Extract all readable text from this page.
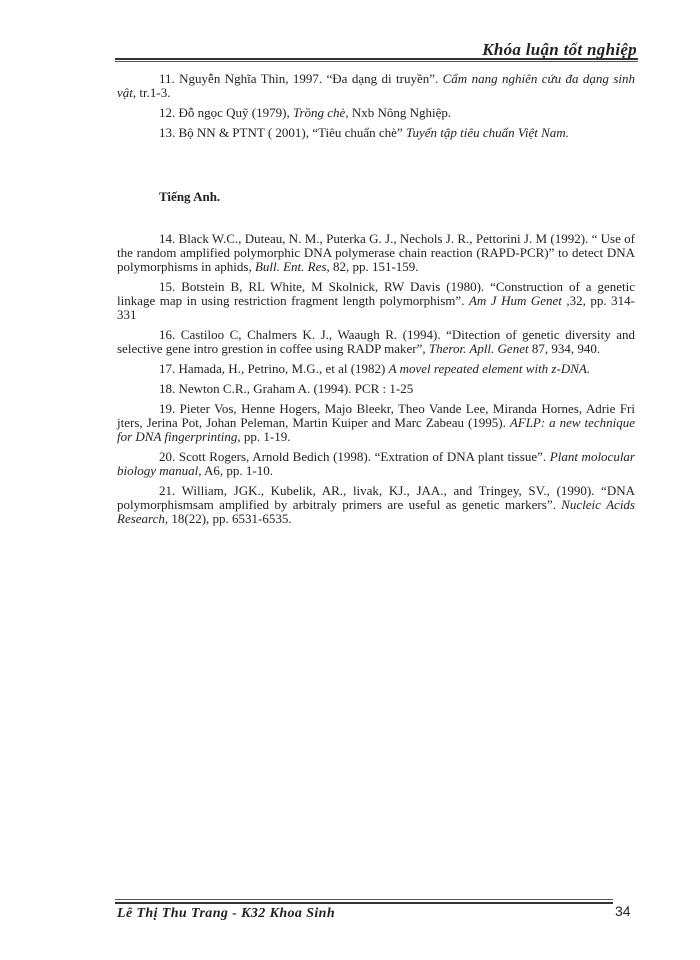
Khóa luận tốt nghiệp

11. Nguyễn Nghĩa Thìn, 1997. “Đa dạng di truyền”. Cẩm nang nghiên cứu đa dạng sinh vật, tr.1-3.

12. Đỗ ngọc Quỹ (1979), Trồng chè, Nxb Nông Nghiệp.

13. Bộ NN & PTNT ( 2001), “Tiêu chuẩn chè” Tuyển tập tiêu chuẩn Việt Nam.

Tiếng Anh.

14. Black W.C., Duteau, N. M., Puterka G. J., Nechols J. R., Pettorini J. M (1992). “ Use of the random amplified polymorphic DNA polymerase chain reaction (RAPD-PCR)” to detect DNA polymorphisms in aphids, Bull. Ent. Res, 82, pp. 151-159.

15. Botstein B, RL White, M Skolnick, RW Davis (1980). “Construction of a genetic linkage map in using restriction fragment length polymorphism”. Am J Hum Genet ,32, pp. 314-331

16. Castiloo C, Chalmers K. J., Waaugh R. (1994). “Ditection of genetic diversity and selective gene intro grestion in coffee using RADP maker”, Theror. Apll. Genet 87, 934, 940.

17. Hamada, H., Petrino, M.G., et al (1982) A movel repeated element with z-DNA.

18. Newton C.R., Graham A. (1994). PCR : 1-25

19. Pieter Vos, Henne Hogers, Majo Bleekr, Theo Vande Lee, Miranda Hornes, Adrie Fri jters, Jerina Pot, Johan Peleman, Martin Kuiper and Marc Zabeau (1995). AFLP: a new technique for DNA fingerprinting, pp. 1-19.

20. Scott Rogers, Arnold Bedich (1998). “Extration of DNA plant tissue”. Plant molocular biology manual, A6, pp. 1-10.

21. William, JGK., Kubelik, AR., livak, KJ., JAA., and Tringey, SV., (1990). “DNA polymorphismsam amplified by arbitraly primers are useful as genetic markers”. Nucleic Acids Research, 18(22), pp. 6531-6535.

Lê Thị Thu Trang - K32 Khoa Sinh	34
